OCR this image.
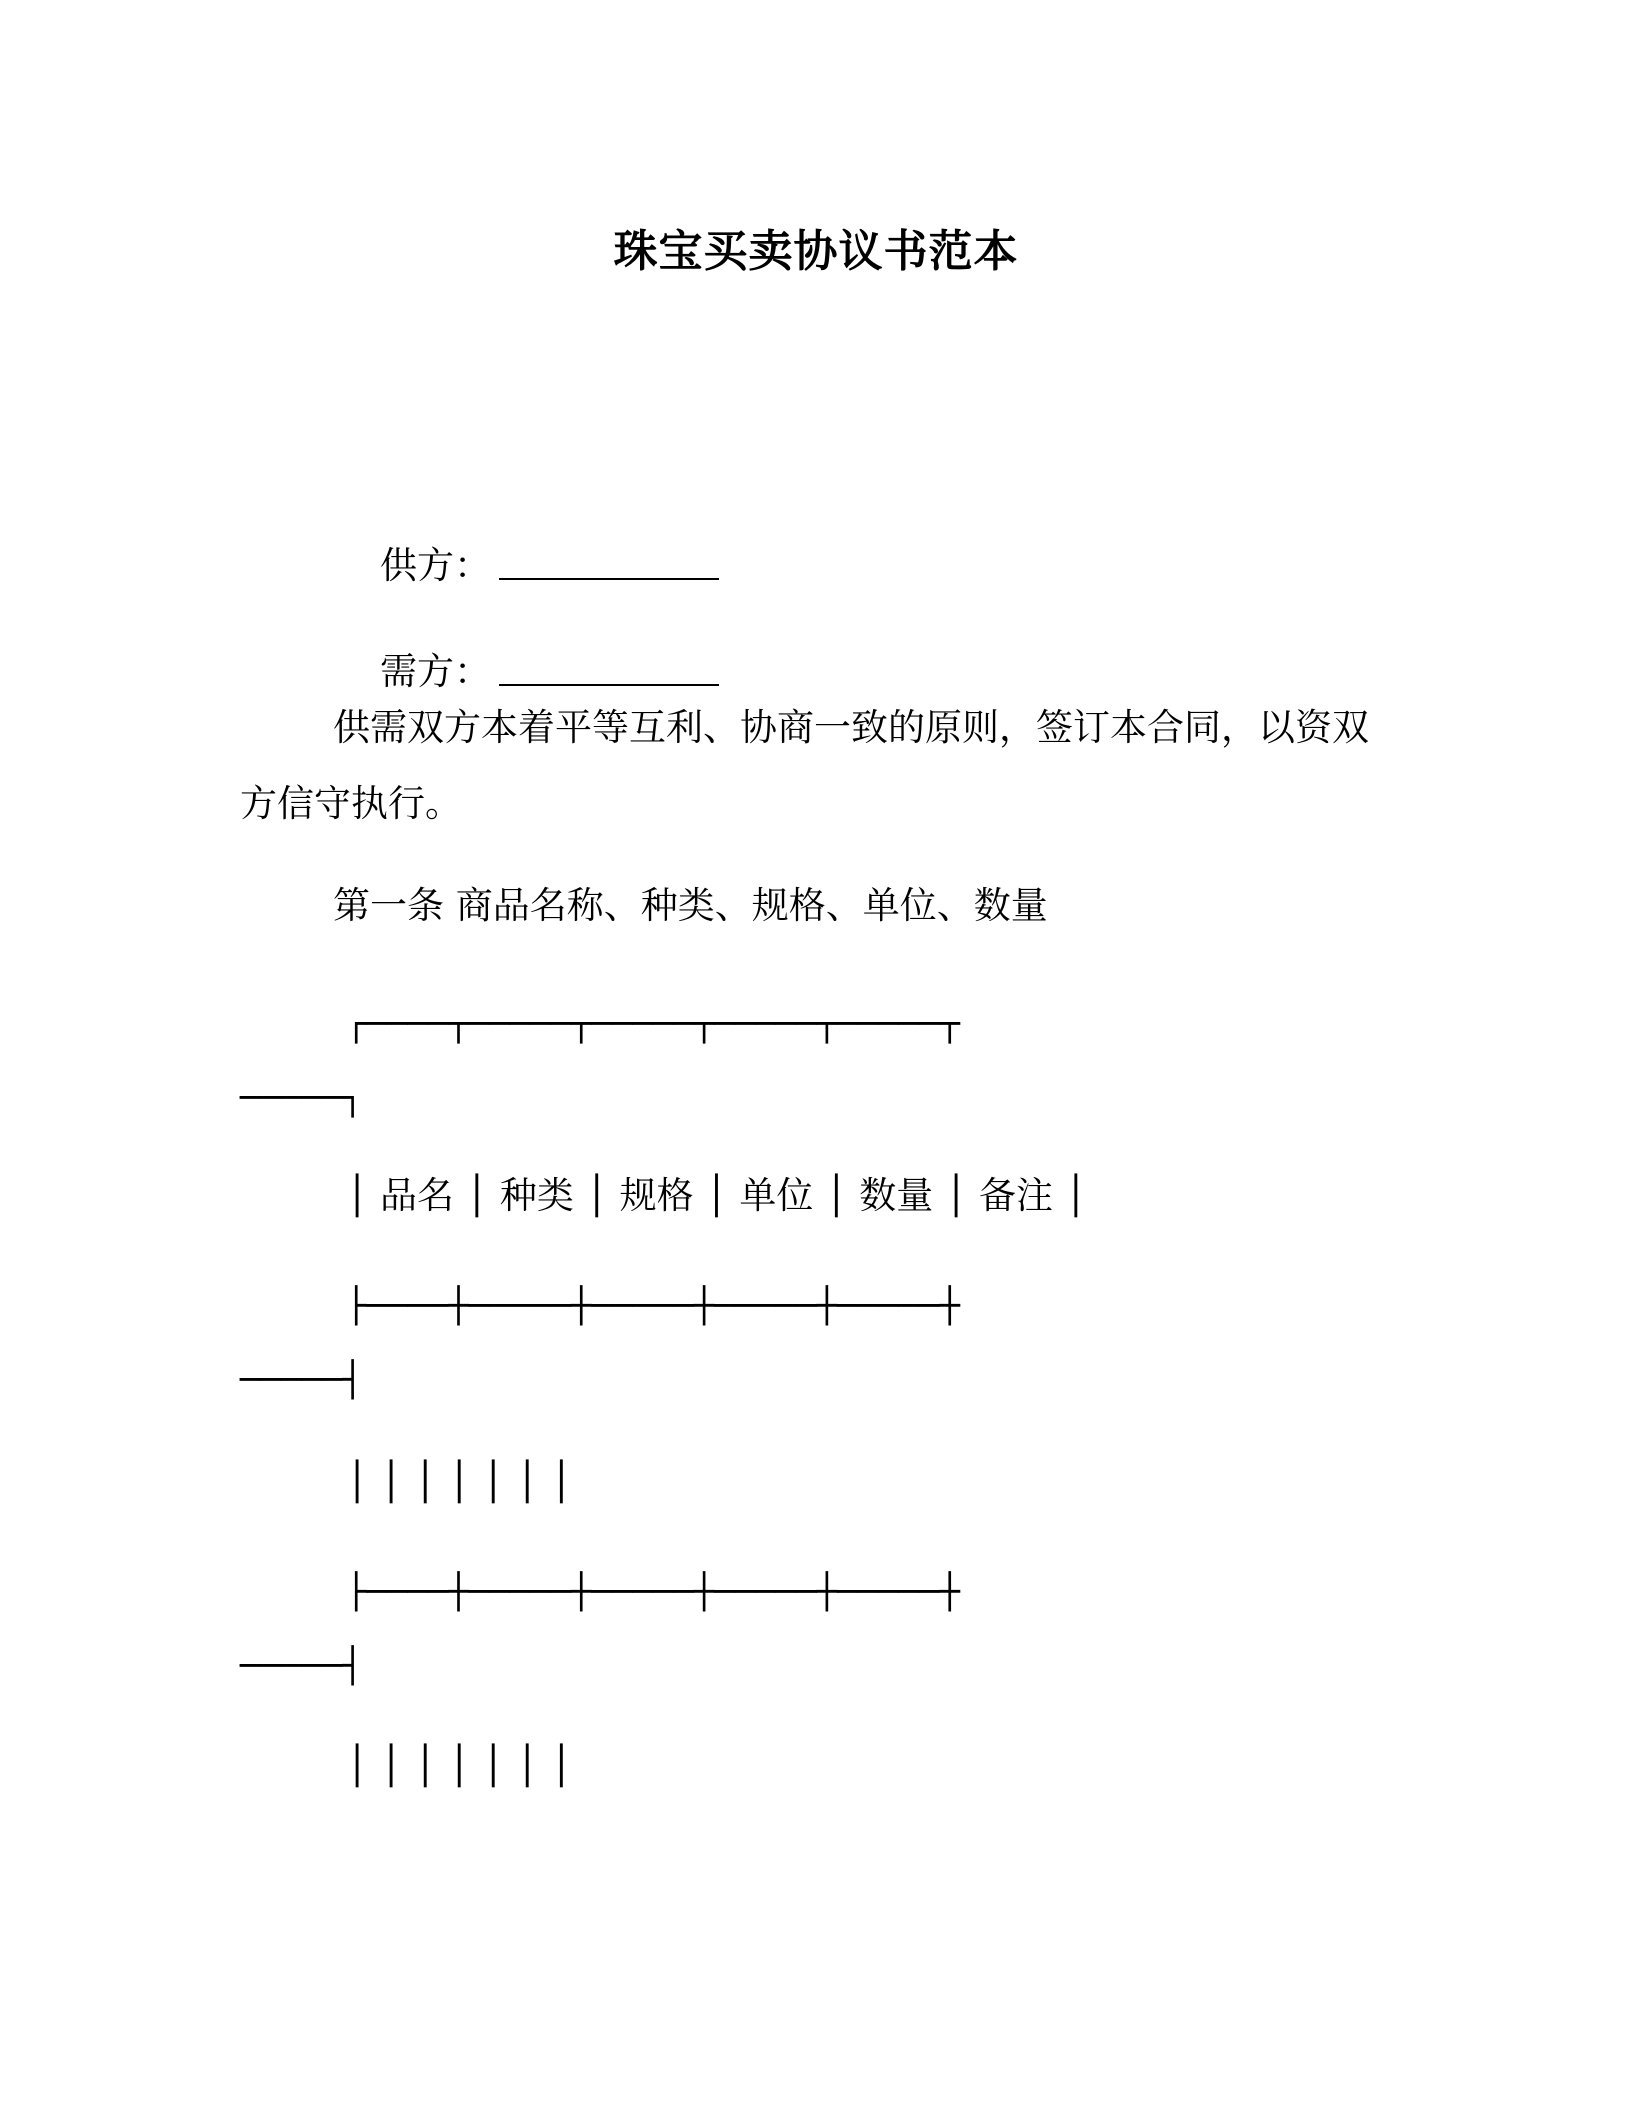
珠宝买卖协议书范本

供方：

需方：

供需双方本着平等互利、协商一致的原则，签订本合同，以资双
方信守执行。
第一条 商品名称、种类、规格、单位、数量
┌────┬─────┬─────┬─────┬─────┬
─────┐
│ 品名 │ 种类 │ 规格 │ 单位 │ 数量 │ 备注 │
├────┼─────┼─────┼─────┼─────┼
─────┤
│ │ │ │ │ │ │
├────┼─────┼─────┼─────┼─────┼
─────┤
│ │ │ │ │ │ │
